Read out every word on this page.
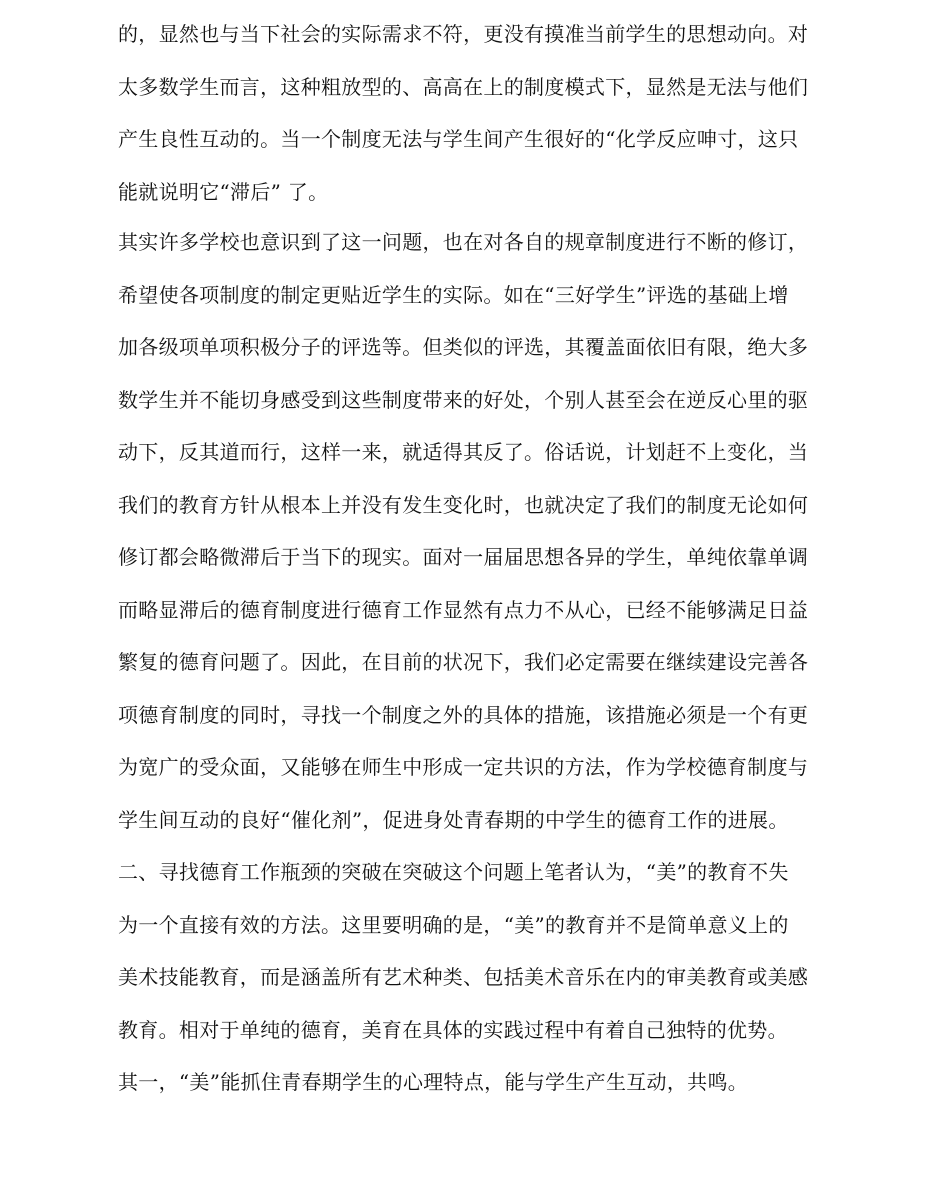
的，显然也与当下社会的实际需求不符，更没有摸准当前学生的思想动向。对
太多数学生而言，这种粗放型的、高高在上的制度模式下，显然是无法与他们
产生良性互动的。当一个制度无法与学生间产生很好的“化学反应呻寸，这只
能就说明它“滞后” 了。
其实许多学校也意识到了这一问题，也在对各自的规章制度进行不断的修订，
希望使各项制度的制定更贴近学生的实际。如在“三好学生”评选的基础上增
加各级项单项积极分子的评选等。但类似的评选，其覆盖面依旧有限，绝大多
数学生并不能切身感受到这些制度带来的好处，个别人甚至会在逆反心里的驱
动下，反其道而行，这样一来，就适得其反了。俗话说，计划赶不上变化，当
我们的教育方针从根本上并没有发生变化时，也就决定了我们的制度无论如何
修订都会略微滞后于当下的现实。面对一届届思想各异的学生，单纯依靠单调
而略显滞后的德育制度进行德育工作显然有点力不从心，已经不能够满足日益
繁复的德育问题了。因此，在目前的状况下，我们必定需要在继续建设完善各
项德育制度的同时，寻找一个制度之外的具体的措施，该措施必须是一个有更
为宽广的受众面，又能够在师生中形成一定共识的方法，作为学校德育制度与
学生间互动的良好“催化剂”，促进身处青春期的中学生的德育工作的进展。
二、寻找德育工作瓶颈的突破在突破这个问题上笔者认为，“美”的教育不失
为一个直接有效的方法。这里要明确的是，“美”的教育并不是简单意义上的
美术技能教育，而是涵盖所有艺术种类、包括美术音乐在内的审美教育或美感
教育。相对于单纯的德育，美育在具体的实践过程中有着自己独特的优势。
其一，“美”能抓住青春期学生的心理特点，能与学生产生互动，共鸣。
